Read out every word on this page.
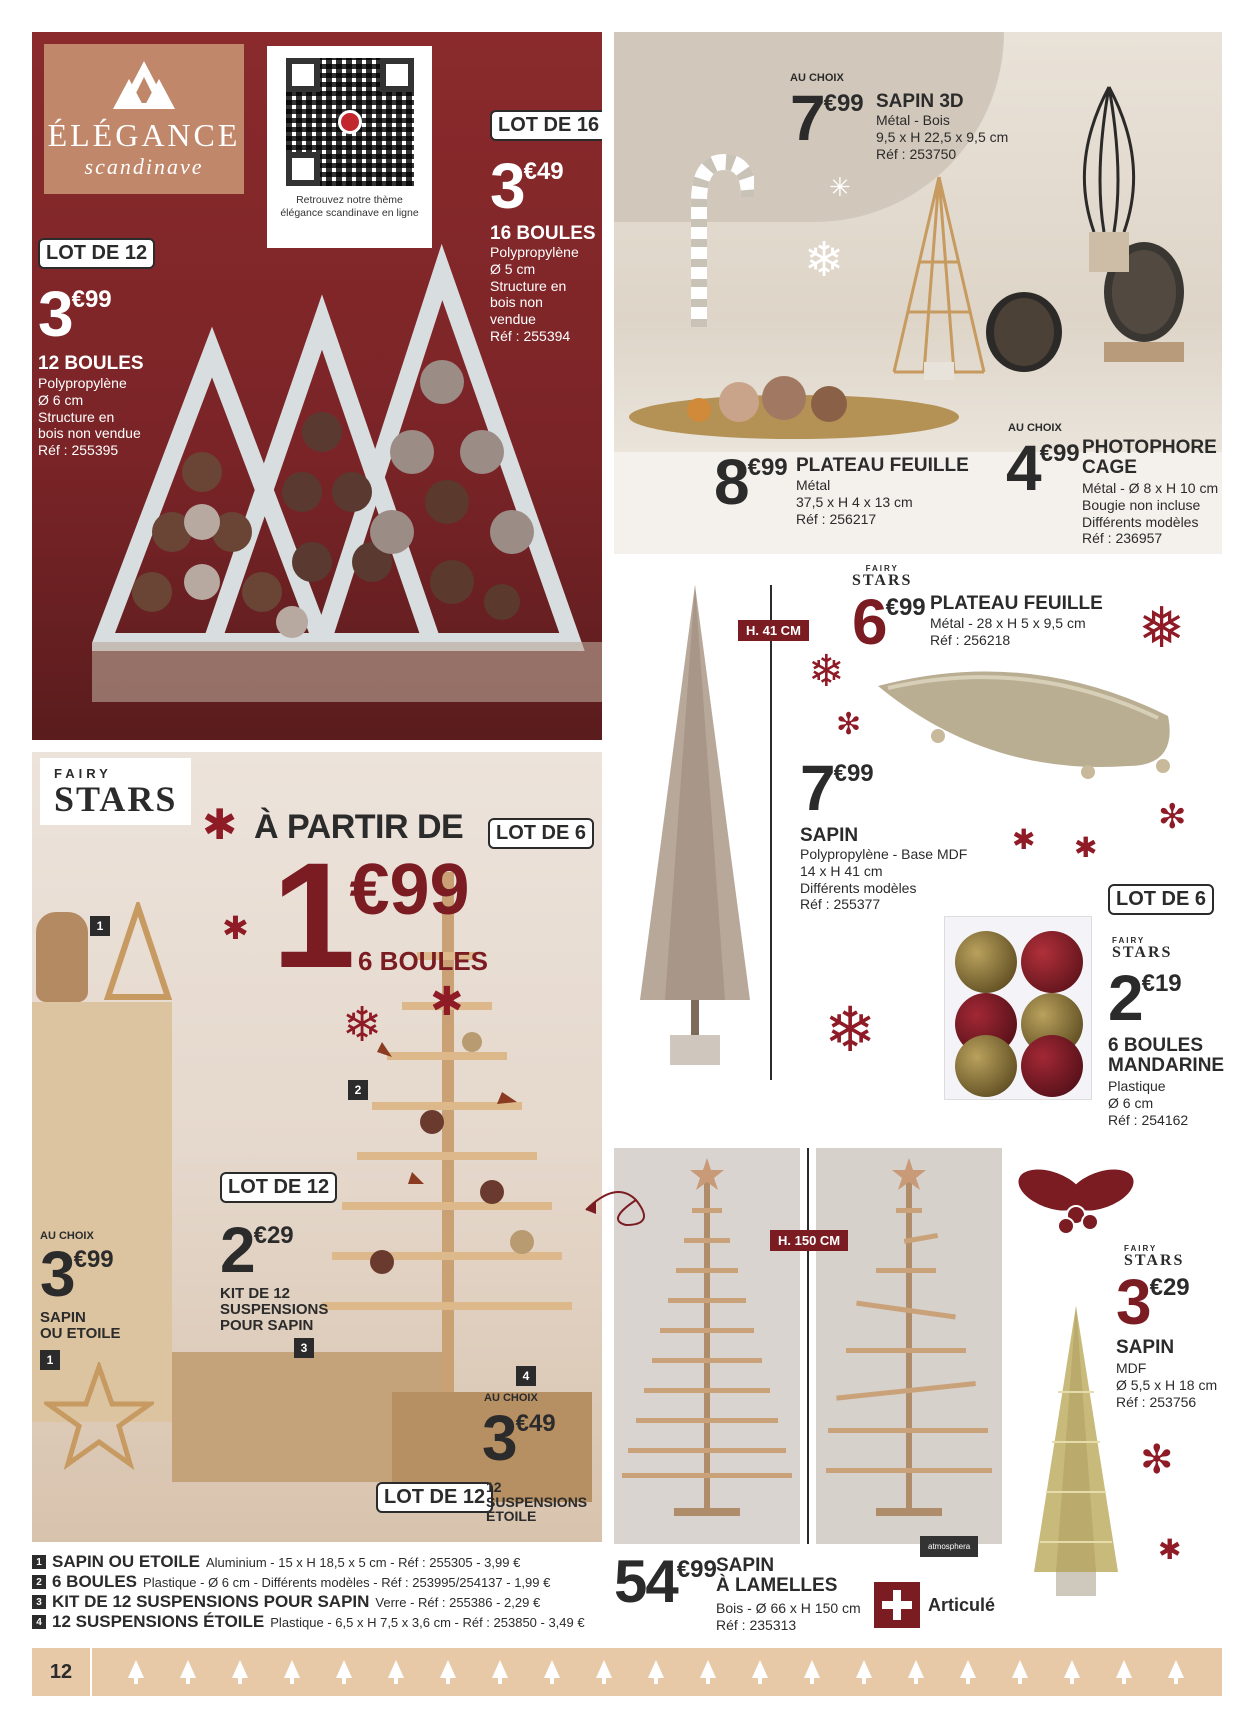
ÉLÉGANCE
scandinave
Retrouvez notre thème élégance scandinave en ligne
LOT DE 12
3 €99
12 BOULES
Polypropylène
Ø 6 cm
Structure en
bois non vendue
Réf : 255395
LOT DE 16
3 €49
16 BOULES
Polypropylène
Ø 5 cm
Structure en
bois non
vendue
Réf : 255394
❄
✳
AU CHOIX
7 €99 SAPIN 3D
Métal - Bois
9,5 x H 22,5 x 9,5 cm
Réf : 253750
8 €99 PLATEAU FEUILLE
Métal
37,5 x H 4 x 13 cm
Réf : 256217
AU CHOIX
4 €99 PHOTOPHORE
CAGE
Métal - Ø 8 x H 10 cm
Bougie non incluse
Différents modèles
Réf : 236957
FAIRY
STARS
6 €99 PLATEAU FEUILLE
Métal - 28 x H 5 x 9,5 cm
Réf : 256218
H. 41 CM
❄
✻
❅
✻
✱ ✱
❄
7 €99
SAPIN
Polypropylène - Base MDF
14 x H 41 cm
Différents modèles
Réf : 255377	LOT DE 6
FAIRY
STARS
2 €19
6 BOULES
MANDARINE
Plastique
Ø 6 cm
Réf : 254162
FAIRY
STARS
✱ À PARTIR DE	LOT DE 6
1 €99
6 BOULES
✱
❄ ✱
1
2
3
4
1
LOT DE 12
2 €29
KIT DE 12
SUSPENSIONS
POUR SAPIN
AU CHOIX
3 €99
SAPIN
OU ETOILE
AU CHOIX
3 €49
LOT DE 12 12 SUSPENSIONS
ÉTOILE
atmosphera
H. 150 CM
54 €99 SAPIN
À LAMELLES
Bois - Ø 66 x H 150 cm
Réf : 235313
Articulé
FAIRY
STARS
3 €29
SAPIN
MDF
Ø 5,5 x H 18 cm
Réf : 253756
✻
✱
1 SAPIN OU ETOILE Aluminium - 15 x H 18,5 x 5 cm - Réf : 255305 - 3,99 €
2 6 BOULES Plastique - Ø 6 cm - Différents modèles - Réf : 253995/254137 - 1,99 €
3 KIT DE 12 SUSPENSIONS POUR SAPIN Verre - Réf : 255386 - 2,29 €
4 12 SUSPENSIONS ÉTOILE Plastique - 6,5 x H 7,5 x 3,6 cm - Réf : 253850 - 3,49 €
12
